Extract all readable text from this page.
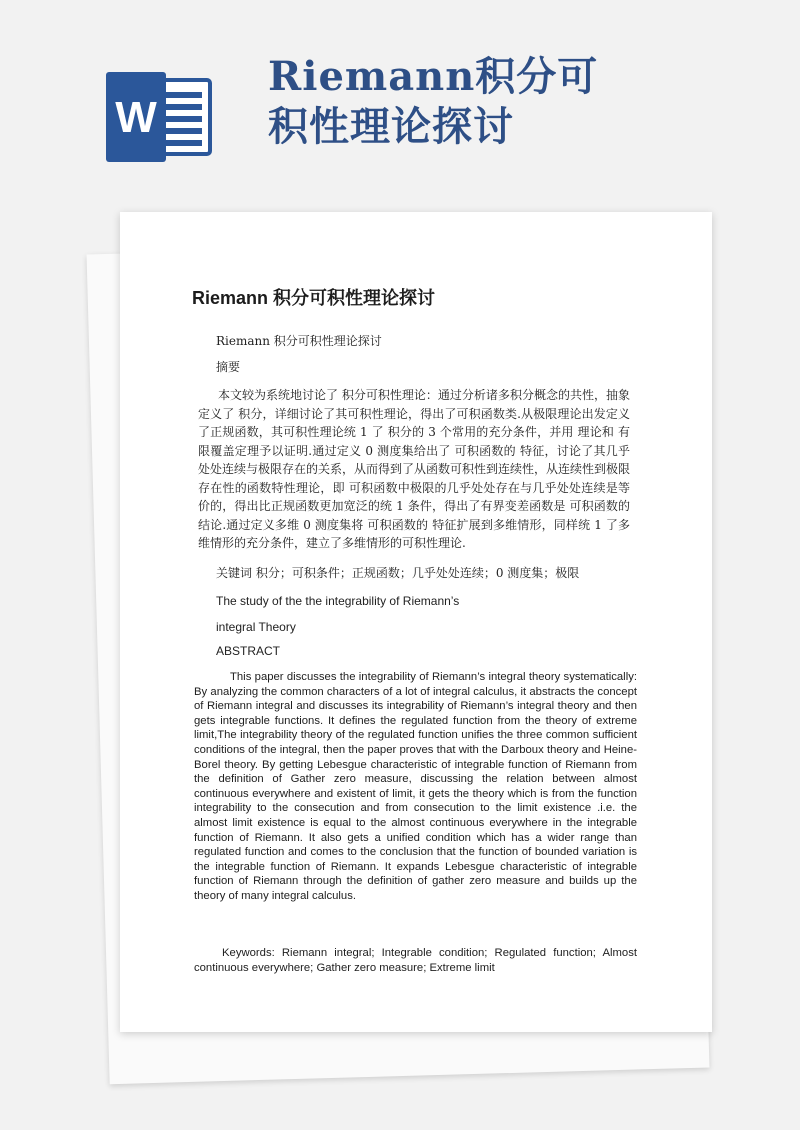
W
Riemann积分可
积性理论探讨
Riemann 积分可积性理论探讨
Riemann 积分可积性理论探讨
摘要
本文较为系统地讨论了 积分可积性理论：通过分析诸多积分概念的共性，抽象定义了 积分，详细讨论了其可积性理论，得出了可积函数类.从极限理论出发定义了正规函数，其可积性理论统 1 了 积分的 3 个常用的充分条件，并用 理论和 有限覆盖定理予以证明.通过定义 0 测度集给出了 可积函数的 特征，讨论了其几乎处处连续与极限存在的关系，从而得到了从函数可积性到连续性，从连续性到极限存在性的函数特性理论，即 可积函数中极限的几乎处处存在与几乎处处连续是等价的，得出比正规函数更加宽泛的统 1 条件，得出了有界变差函数是 可积函数的结论.通过定义多维 0 测度集将 可积函数的 特征扩展到多维情形，同样统 1 了多维情形的充分条件，建立了多维情形的可积性理论.
关键词 积分；可积条件；正规函数；几乎处处连续；0 测度集；极限
The study of the the integrability of Riemann’s
integral Theory
ABSTRACT
This paper discusses the integrability of Riemann’s integral theory systematically: By analyzing the common characters of a lot of integral calculus, it abstracts the concept of Riemann integral and discusses its integrability of Riemann’s integral theory and then gets integrable functions. It defines the regulated function from the theory of extreme limit,The integrability theory of the regulated function unifies the three common sufficient conditions of the integral, then the paper proves that with the Darboux theory and Heine-Borel theory. By getting Lebesgue characteristic of integrable function of Riemann from the definition of Gather zero measure, discussing the relation between almost continuous everywhere and existent of limit, it gets the theory which is from the function integrability to the consecution and from consecution to the limit existence .i.e. the almost limit existence is equal to the almost continuous everywhere in the integrable function of Riemann. It also gets a unified condition which has a wider range than regulated function and comes to the conclusion that the function of bounded variation is the integrable function of Riemann. It expands Lebesgue characteristic of integrable function of Riemann through the definition of gather zero measure and builds up the theory of many integral calculus.
Keywords: Riemann integral; Integrable condition; Regulated function; Almost continuous everywhere; Gather zero measure; Extreme limit
